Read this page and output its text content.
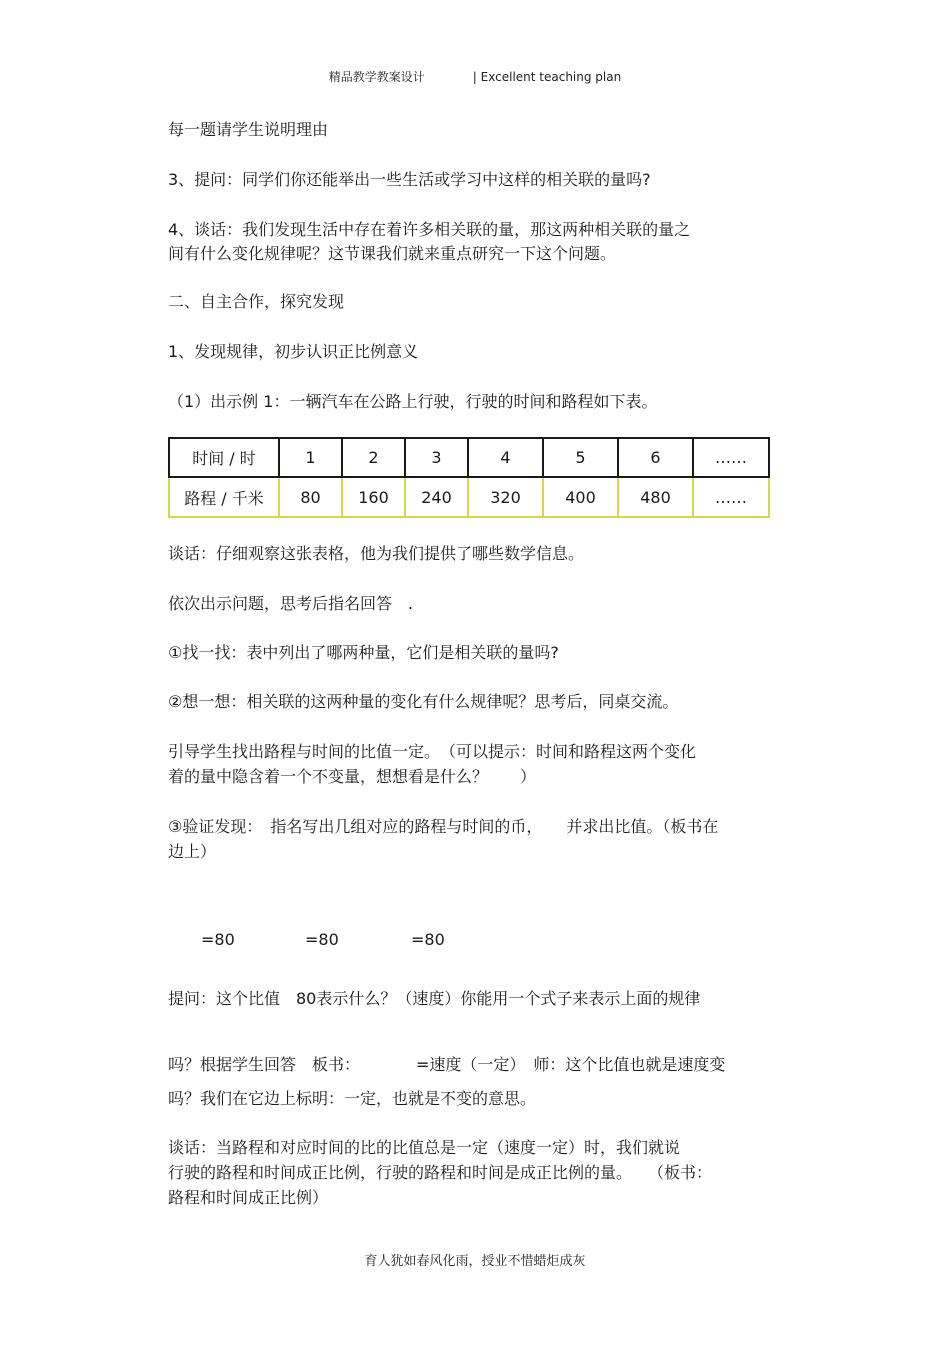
精品教学教案设计	| Excellent teaching plan
每一题请学生说明理由
3、提问：同学们你还能举出一些生活或学习中这样的相关联的量吗?
4、谈话：我们发现生活中存在着许多相关联的量，那这两种相关联的量之
间有什么变化规律呢？这节课我们就来重点研究一下这个问题。
二、自主合作，探究发现
1、发现规律，初步认识正比例意义
（1）出示例 1：一辆汽车在公路上行驶，行驶的时间和路程如下表。
时间 / 时	1	2	3	4	5	6	……
路程 / 千米	80	160	240	320	400	480	……
谈话：仔细观察这张表格，他为我们提供了哪些数学信息。
依次出示问题，思考后指名回答　.
①找一找：表中列出了哪两种量，它们是相关联的量吗?
②想一想：相关联的这两种量的变化有什么规律呢？思考后，同桌交流。
引导学生找出路程与时间的比值一定。　（可以提示：时间和路程这两个变化
着的量中隐含着一个不变量，想想看是什么？　　）
③验证发现：　指名写出几组对应的路程与时间的币，　　并求出比值。（板书在
边上）
=80	=80	=80
提问：这个比值　80表示什么？（速度）你能用一个式子来表示上面的规律
吗？根据学生回答　板书：　　　　=速度（一定）　师：这个比值也就是速度变
吗？我们在它边上标明：一定，也就是不变的意思。
谈话：当路程和对应时间的比的比值总是一定（速度一定）时，我们就说
行驶的路程和时间成正比例，行驶的路程和时间是成正比例的量。　　（板书：
路程和时间成正比例）
育人犹如春风化雨，授业不惜蜡炬成灰
